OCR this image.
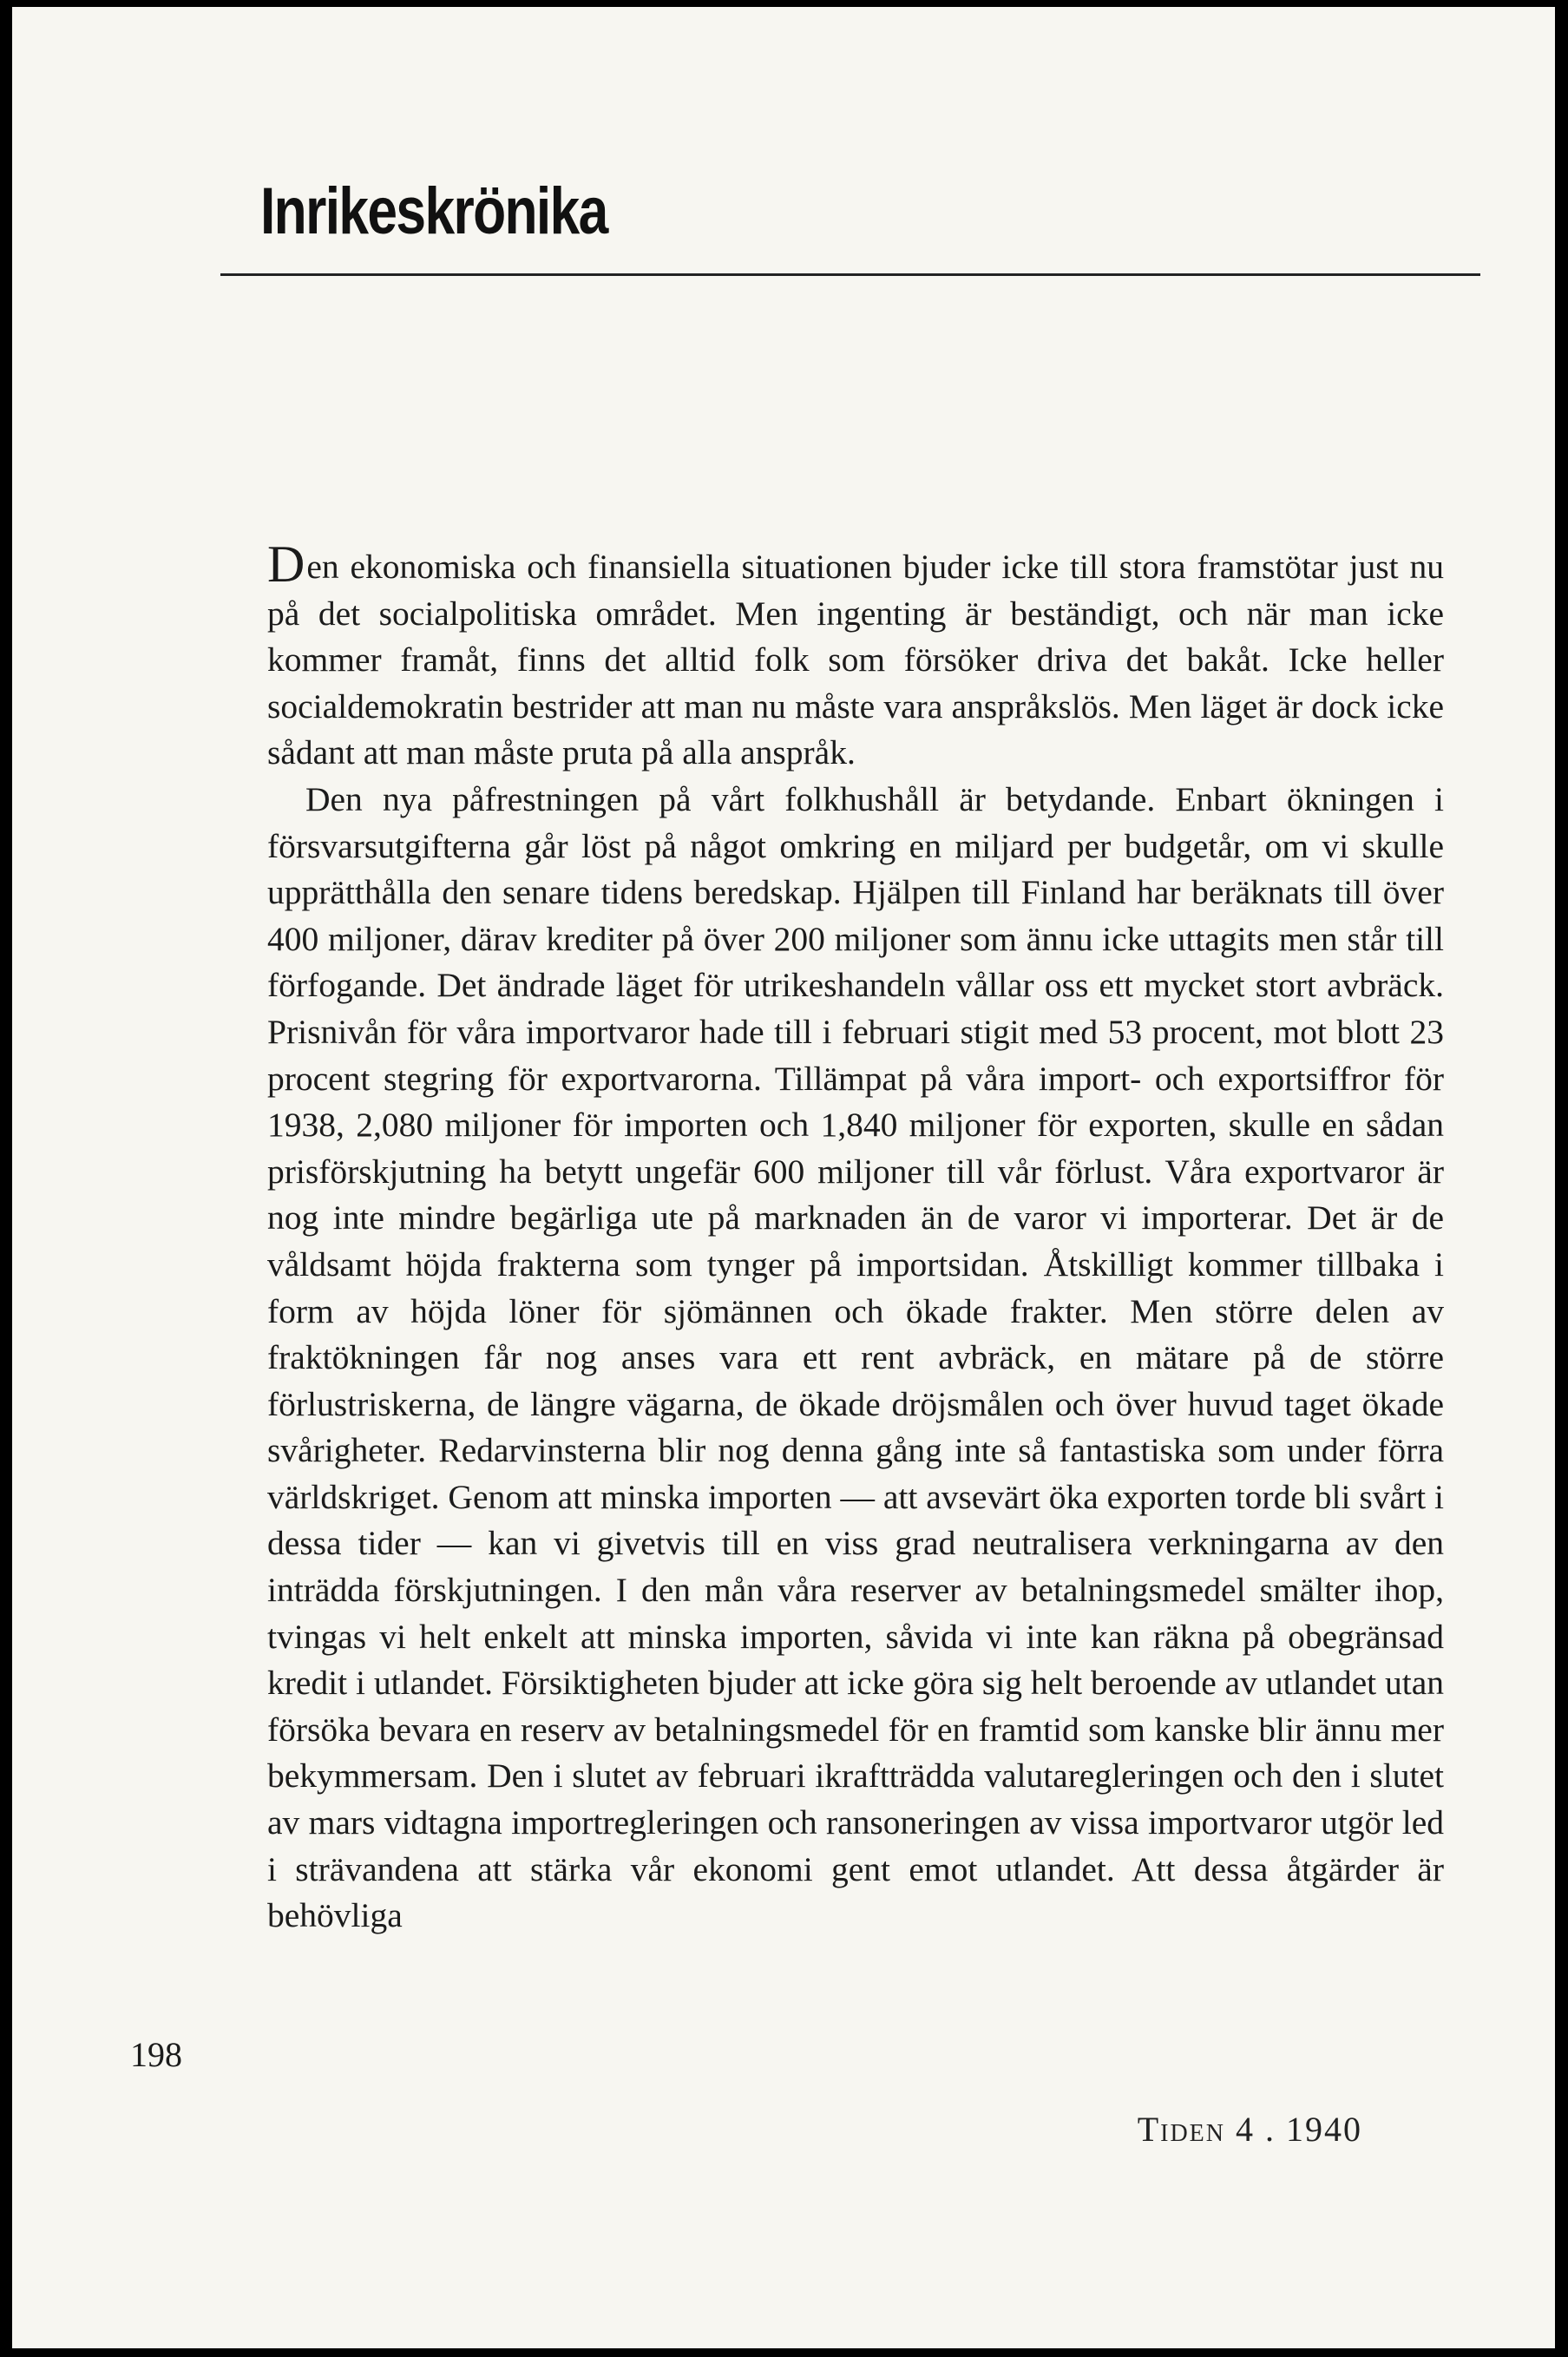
Inrikeskrönika

Den ekonomiska och finansiella situationen bjuder icke till stora framstötar just nu på det socialpolitiska området. Men ingenting är beständigt, och när man icke kommer framåt, finns det alltid folk som försöker driva det bakåt. Icke heller socialdemokratin bestrider att man nu måste vara anspråkslös. Men läget är dock icke sådant att man måste pruta på alla anspråk.

Den nya påfrestningen på vårt folkhushåll är betydande. Enbart ökningen i försvarsutgifterna går löst på något omkring en miljard per budgetår, om vi skulle upprätthålla den senare tidens beredskap. Hjälpen till Finland har beräknats till över 400 miljoner, därav krediter på över 200 miljoner som ännu icke uttagits men står till förfogande. Det ändrade läget för utrikeshandeln vållar oss ett mycket stort avbräck. Prisnivån för våra importvaror hade till i februari stigit med 53 procent, mot blott 23 procent stegring för exportvarorna. Tillämpat på våra import- och exportsiffror för 1938, 2,080 miljoner för importen och 1,840 miljoner för exporten, skulle en sådan prisförskjutning ha betytt ungefär 600 miljoner till vår förlust. Våra exportvaror är nog inte mindre begärliga ute på marknaden än de varor vi importerar. Det är de våldsamt höjda frakterna som tynger på importsidan. Åtskilligt kommer tillbaka i form av höjda löner för sjömännen och ökade frakter. Men större delen av fraktökningen får nog anses vara ett rent avbräck, en mätare på de större förlustriskerna, de längre vägarna, de ökade dröjsmålen och över huvud taget ökade svårigheter. Redarvinsterna blir nog denna gång inte så fantastiska som under förra världskriget. Genom att minska importen — att avsevärt öka exporten torde bli svårt i dessa tider — kan vi givetvis till en viss grad neutralisera verkningarna av den inträdda förskjutningen. I den mån våra reserver av betalningsmedel smälter ihop, tvingas vi helt enkelt att minska importen, såvida vi inte kan räkna på obegränsad kredit i utlandet. Försiktigheten bjuder att icke göra sig helt beroende av utlandet utan försöka bevara en reserv av betalningsmedel för en framtid som kanske blir ännu mer bekymmersam. Den i slutet av februari ikraftträdda valutaregleringen och den i slutet av mars vidtagna importregleringen och ransoneringen av vissa importvaror utgör led i strävandena att stärka vår ekonomi gent emot utlandet. Att dessa åtgärder är behövliga

198
Tiden 4 . 1940
